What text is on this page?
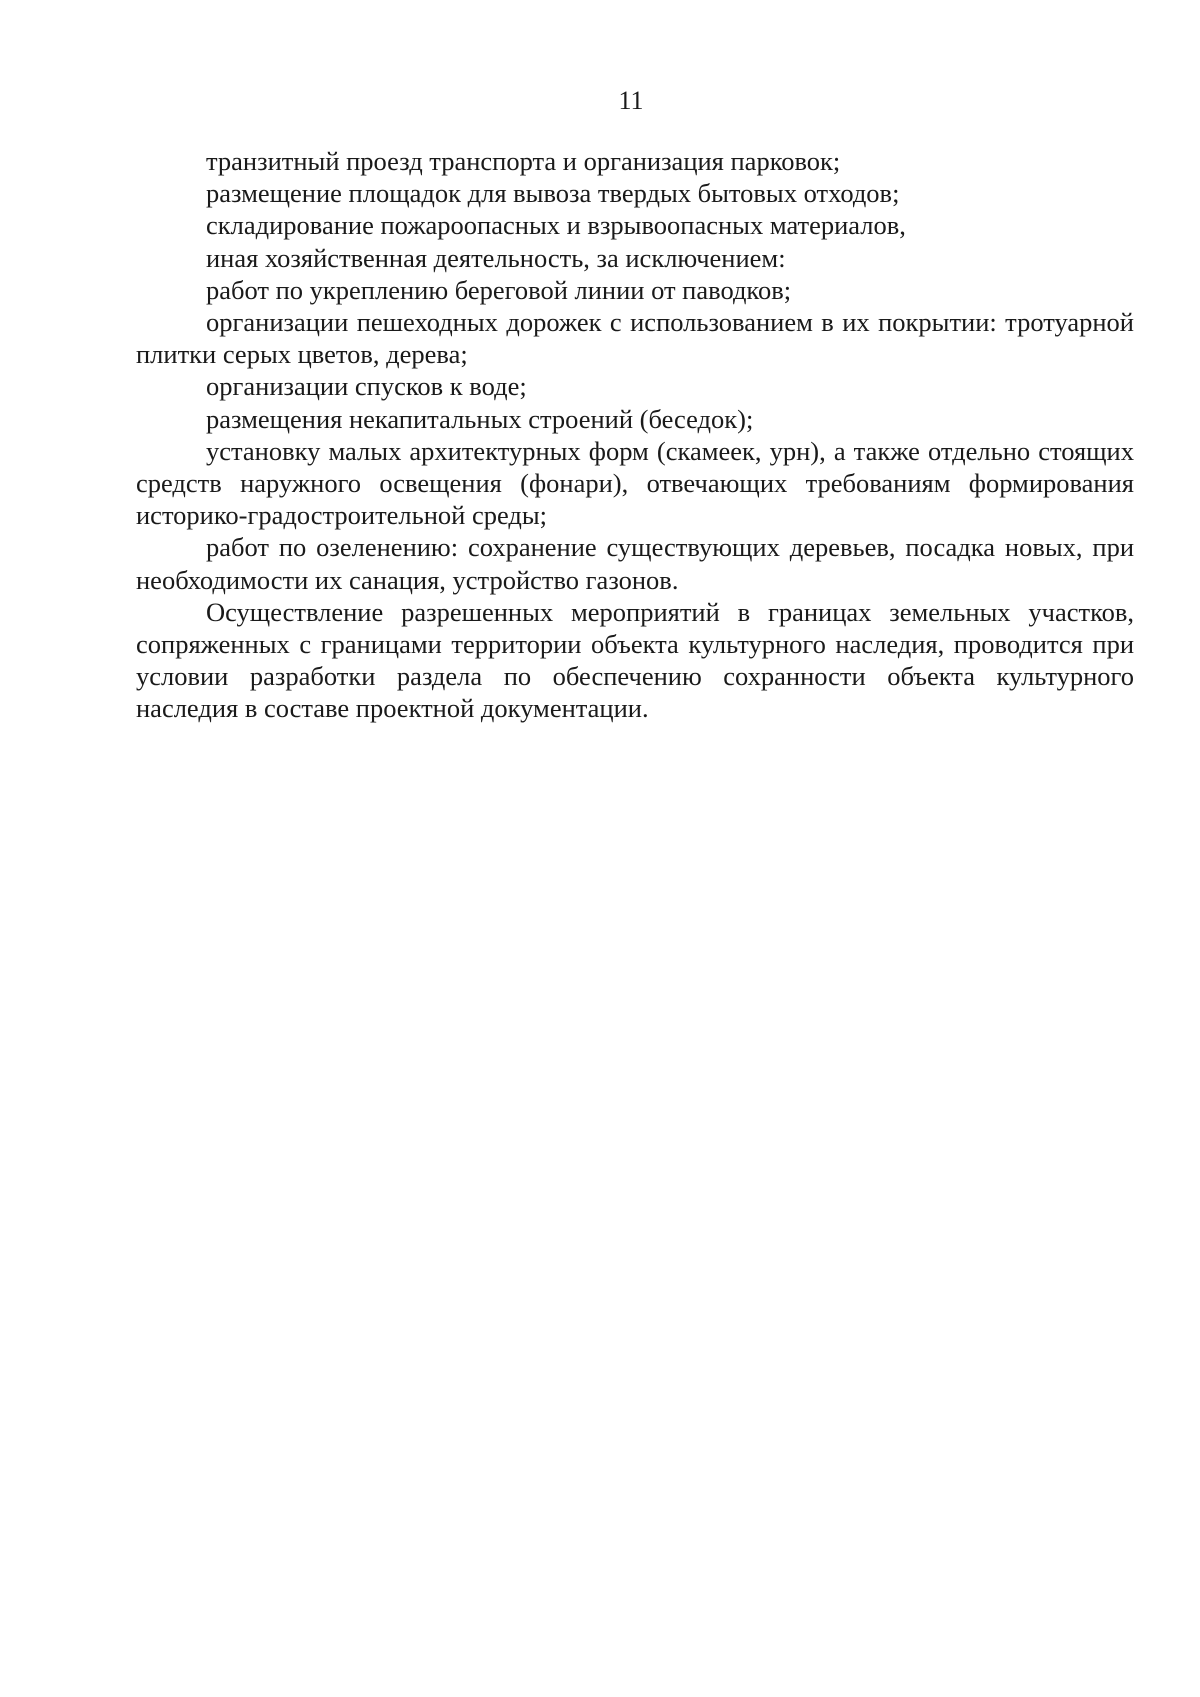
11

транзитный проезд транспорта и организация парковок;

размещение площадок для вывоза твердых бытовых отходов;

складирование пожароопасных и взрывоопасных материалов,

иная хозяйственная деятельность, за исключением:

работ по укреплению береговой линии от паводков;

организации пешеходных дорожек с использованием в их покрытии: тротуарной плитки серых цветов, дерева;

организации спусков к воде;

размещения некапитальных строений (беседок);

установку малых архитектурных форм (скамеек, урн), а также отдельно стоящих средств наружного освещения (фонари), отвечающих требованиям формирования историко-градостроительной среды;

работ по озеленению: сохранение существующих деревьев, посадка новых, при необходимости их санация, устройство газонов.

Осуществление разрешенных мероприятий в границах земельных участков, сопряженных с границами территории объекта культурного наследия, проводится при условии разработки раздела по обеспечению сохранности объекта культурного наследия в составе проектной документации.
